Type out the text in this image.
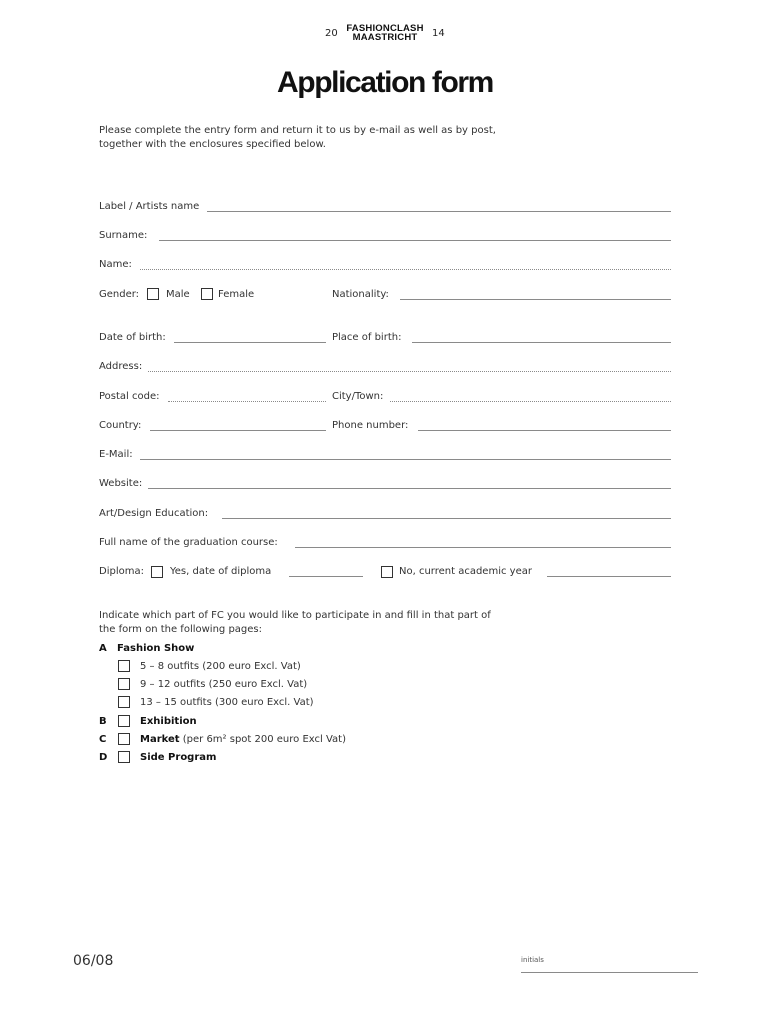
20 FASHIONCLASH
MAASTRICHT	14
Application form
Please complete the entry form and return it to us by e-mail as well as by post,
together with the enclosures specified below.
Label / Artists name
Surname:
Name:
Gender:	Male	Female	Nationality:
Date of birth:	Place of birth:
Address:
Postal code:	City/Town:
Country:	Phone number:
E-Mail:
Website:
Art/Design Education:
Full name of the graduation course:
Diploma:	Yes, date of diploma	No, current academic year
Indicate which part of FC you would like to participate in and fill in that part of
the form on the following pages:
A Fashion Show
5 – 8 outfits (200 euro Excl. Vat)
9 – 12 outfits (250 euro Excl. Vat)
13 – 15 outfits (300 euro Excl. Vat)
B	Exhibition
C	Market (per 6m² spot 200 euro Excl Vat)
D	Side Program
06/08	initials
